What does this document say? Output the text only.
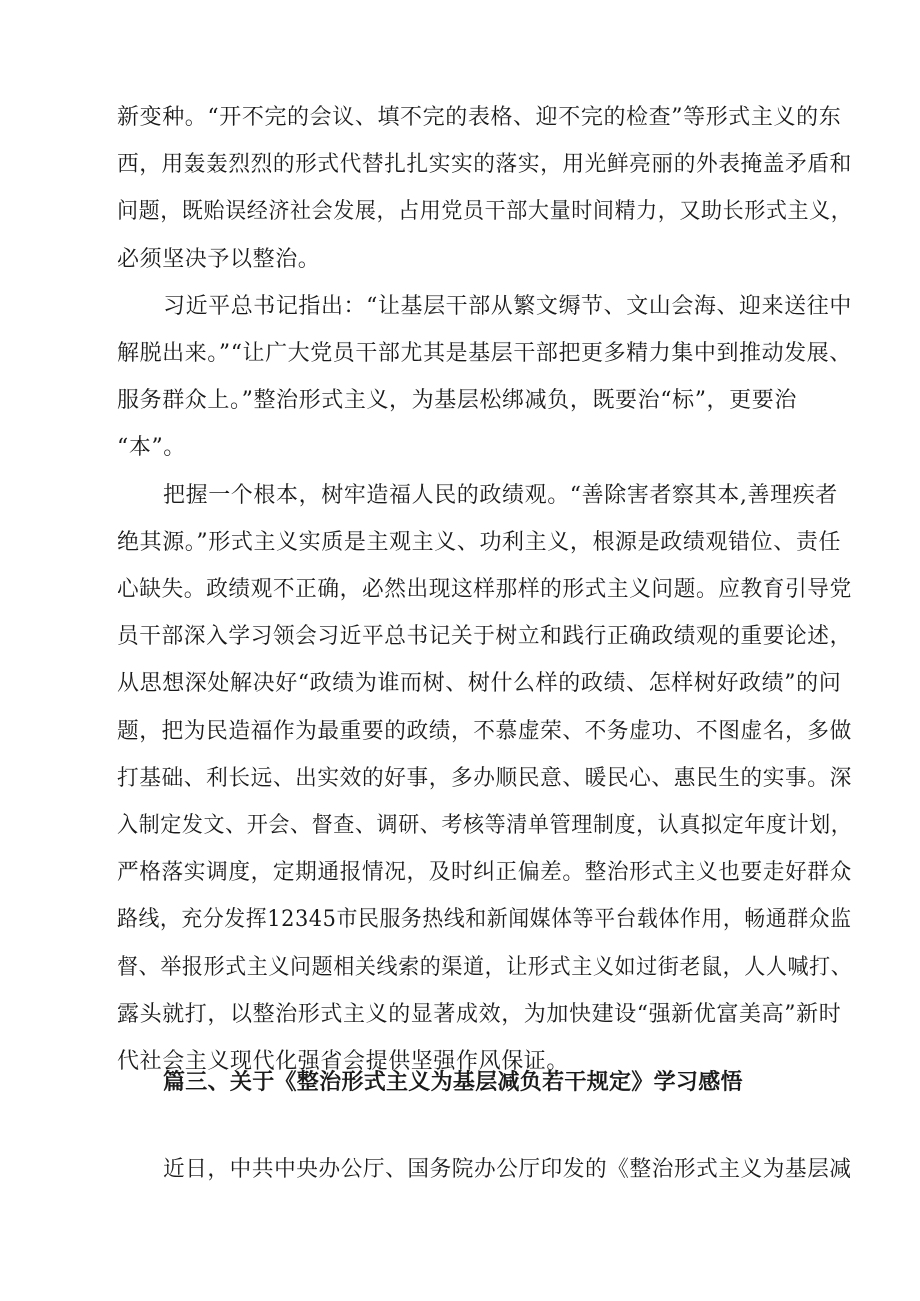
新变种。“开不完的会议、填不完的表格、迎不完的检查”等形式主义的东
西，用轰轰烈烈的形式代替扎扎实实的落实，用光鲜亮丽的外表掩盖矛盾和
问题，既贻误经济社会发展，占用党员干部大量时间精力，又助长形式主义，
必须坚决予以整治。
习近平总书记指出：“让基层干部从繁文缛节、文山会海、迎来送往中
解脱出来。”“让广大党员干部尤其是基层干部把更多精力集中到推动发展、
服务群众上。”整治形式主义，为基层松绑减负，既要治“标”，更要治
“本”。
把握一个根本，树牢造福人民的政绩观。“善除害者察其本,善理疾者
绝其源。”形式主义实质是主观主义、功利主义，根源是政绩观错位、责任
心缺失。政绩观不正确，必然出现这样那样的形式主义问题。应教育引导党
员干部深入学习领会习近平总书记关于树立和践行正确政绩观的重要论述，
从思想深处解决好“政绩为谁而树、树什么样的政绩、怎样树好政绩”的问
题，把为民造福作为最重要的政绩，不慕虚荣、不务虚功、不图虚名，多做
打基础、利长远、出实效的好事，多办顺民意、暖民心、惠民生的实事。深
入制定发文、开会、督查、调研、考核等清单管理制度，认真拟定年度计划，
严格落实调度，定期通报情况，及时纠正偏差。整治形式主义也要走好群众
路线，充分发挥12345市民服务热线和新闻媒体等平台载体作用，畅通群众监
督、举报形式主义问题相关线索的渠道，让形式主义如过街老鼠，人人喊打、
露头就打，以整治形式主义的显著成效，为加快建设“强新优富美高”新时
代社会主义现代化强省会提供坚强作风保证。
篇三、关于《整治形式主义为基层减负若干规定》学习感悟
近日，中共中央办公厅、国务院办公厅印发的《整治形式主义为基层减
